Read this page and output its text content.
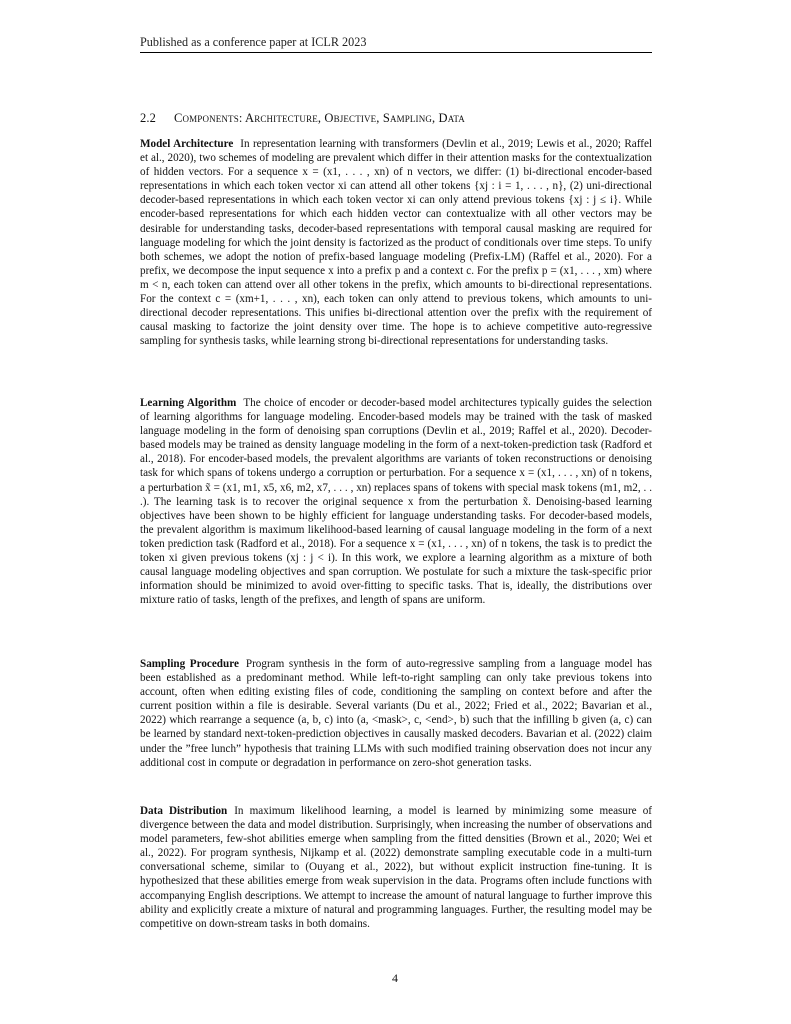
Published as a conference paper at ICLR 2023
2.2 Components: Architecture, Objective, Sampling, Data

Model Architecture In representation learning with transformers (Devlin et al., 2019; Lewis et al., 2020; Raffel et al., 2020), two schemes of modeling are prevalent which differ in their attention masks for the contextualization of hidden vectors. For a sequence x = (x1, . . . , xn) of n vectors, we differ: (1) bi-directional encoder-based representations in which each token vector xi can attend all other tokens {xj : i = 1, . . . , n}, (2) uni-directional decoder-based representations in which each token vector xi can only attend previous tokens {xj : j ≤ i}. While encoder-based representations for which each hidden vector can contextualize with all other vectors may be desirable for understanding tasks, decoder-based representations with temporal causal masking are required for language modeling for which the joint density is factorized as the product of conditionals over time steps. To unify both schemes, we adopt the notion of prefix-based language modeling (Prefix-LM) (Raffel et al., 2020). For a prefix, we decompose the input sequence x into a prefix p and a context c. For the prefix p = (x1, . . . , xm) where m < n, each token can attend over all other tokens in the prefix, which amounts to bi-directional representations. For the context c = (xm+1, . . . , xn), each token can only attend to previous tokens, which amounts to uni-directional decoder representations. This unifies bi-directional attention over the prefix with the requirement of causal masking to factorize the joint density over time. The hope is to achieve competitive auto-regressive sampling for synthesis tasks, while learning strong bi-directional representations for understanding tasks.

Learning Algorithm The choice of encoder or decoder-based model architectures typically guides the selection of learning algorithms for language modeling. Encoder-based models may be trained with the task of masked language modeling in the form of denoising span corruptions (Devlin et al., 2019; Raffel et al., 2020). Decoder-based models may be trained as density language modeling in the form of a next-token-prediction task (Radford et al., 2018). For encoder-based models, the prevalent algorithms are variants of token reconstructions or denoising task for which spans of tokens undergo a corruption or perturbation. For a sequence x = (x1, . . . , xn) of n tokens, a perturbation x̃ = (x1, m1, x5, x6, m2, x7, . . . , xn) replaces spans of tokens with special mask tokens (m1, m2, . . .). The learning task is to recover the original sequence x from the perturbation x̃. Denoising-based learning objectives have been shown to be highly efficient for language understanding tasks. For decoder-based models, the prevalent algorithm is maximum likelihood-based learning of causal language modeling in the form of a next token prediction task (Radford et al., 2018). For a sequence x = (x1, . . . , xn) of n tokens, the task is to predict the token xi given previous tokens (xj : j < i). In this work, we explore a learning algorithm as a mixture of both causal language modeling objectives and span corruption. We postulate for such a mixture the task-specific prior information should be minimized to avoid over-fitting to specific tasks. That is, ideally, the distributions over mixture ratio of tasks, length of the prefixes, and length of spans are uniform.

Sampling Procedure Program synthesis in the form of auto-regressive sampling from a language model has been established as a predominant method. While left-to-right sampling can only take previous tokens into account, often when editing existing files of code, conditioning the sampling on context before and after the current position within a file is desirable. Several variants (Du et al., 2022; Fried et al., 2022; Bavarian et al., 2022) which rearrange a sequence (a, b, c) into (a, <mask>, c, <end>, b) such that the infilling b given (a, c) can be learned by standard next-token-prediction objectives in causally masked decoders. Bavarian et al. (2022) claim under the ”free lunch” hypothesis that training LLMs with such modified training observation does not incur any additional cost in compute or degradation in performance on zero-shot generation tasks.

Data Distribution In maximum likelihood learning, a model is learned by minimizing some measure of divergence between the data and model distribution. Surprisingly, when increasing the number of observations and model parameters, few-shot abilities emerge when sampling from the fitted densities (Brown et al., 2020; Wei et al., 2022). For program synthesis, Nijkamp et al. (2022) demonstrate sampling executable code in a multi-turn conversational scheme, similar to (Ouyang et al., 2022), but without explicit instruction fine-tuning. It is hypothesized that these abilities emerge from weak supervision in the data. Programs often include functions with accompanying English descriptions. We attempt to increase the amount of natural language to further improve this ability and explicitly create a mixture of natural and programming languages. Further, the resulting model may be competitive on down-stream tasks in both domains.

4
